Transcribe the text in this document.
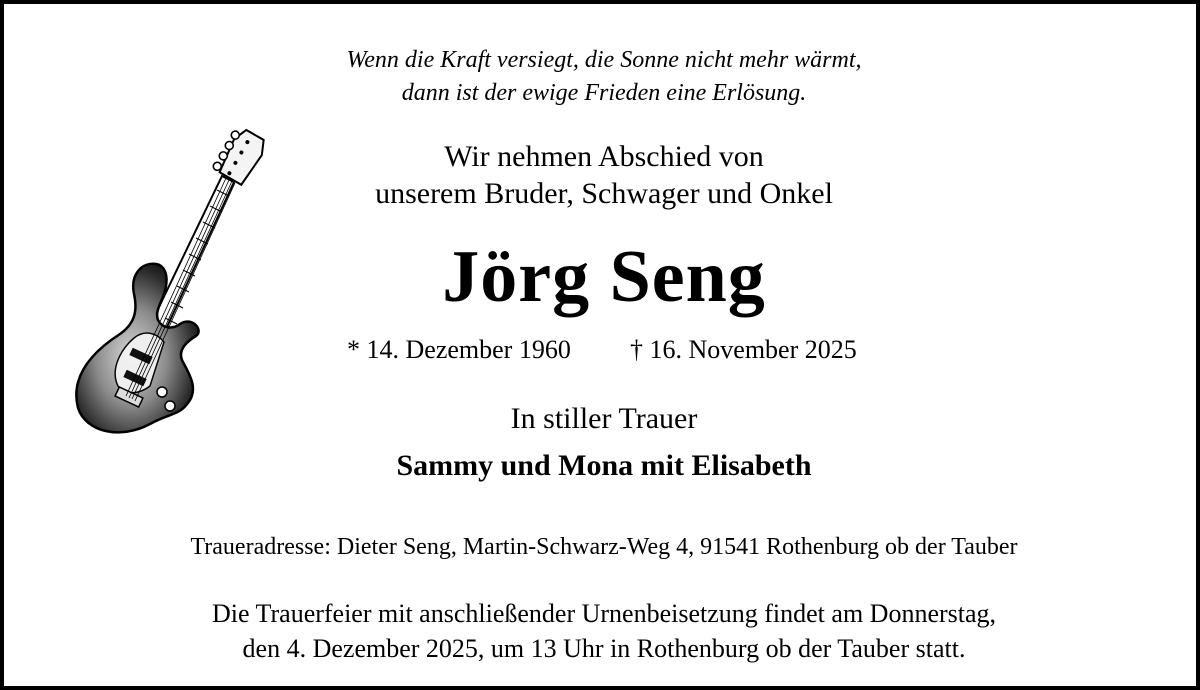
Wenn die Kraft versiegt, die Sonne nicht mehr wärmt,
dann ist der ewige Frieden eine Erlösung.
Wir nehmen Abschied von
unserem Bruder, Schwager und Onkel
Jörg Seng
* 14. Dezember 1960 † 16. November 2025
In stiller Trauer
Sammy und Mona mit Elisabeth
Traueradresse: Dieter Seng, Martin-Schwarz-Weg 4, 91541 Rothenburg ob der Tauber
Die Trauerfeier mit anschließender Urnenbeisetzung findet am Donnerstag,
den 4. Dezember 2025, um 13 Uhr in Rothenburg ob der Tauber statt.
